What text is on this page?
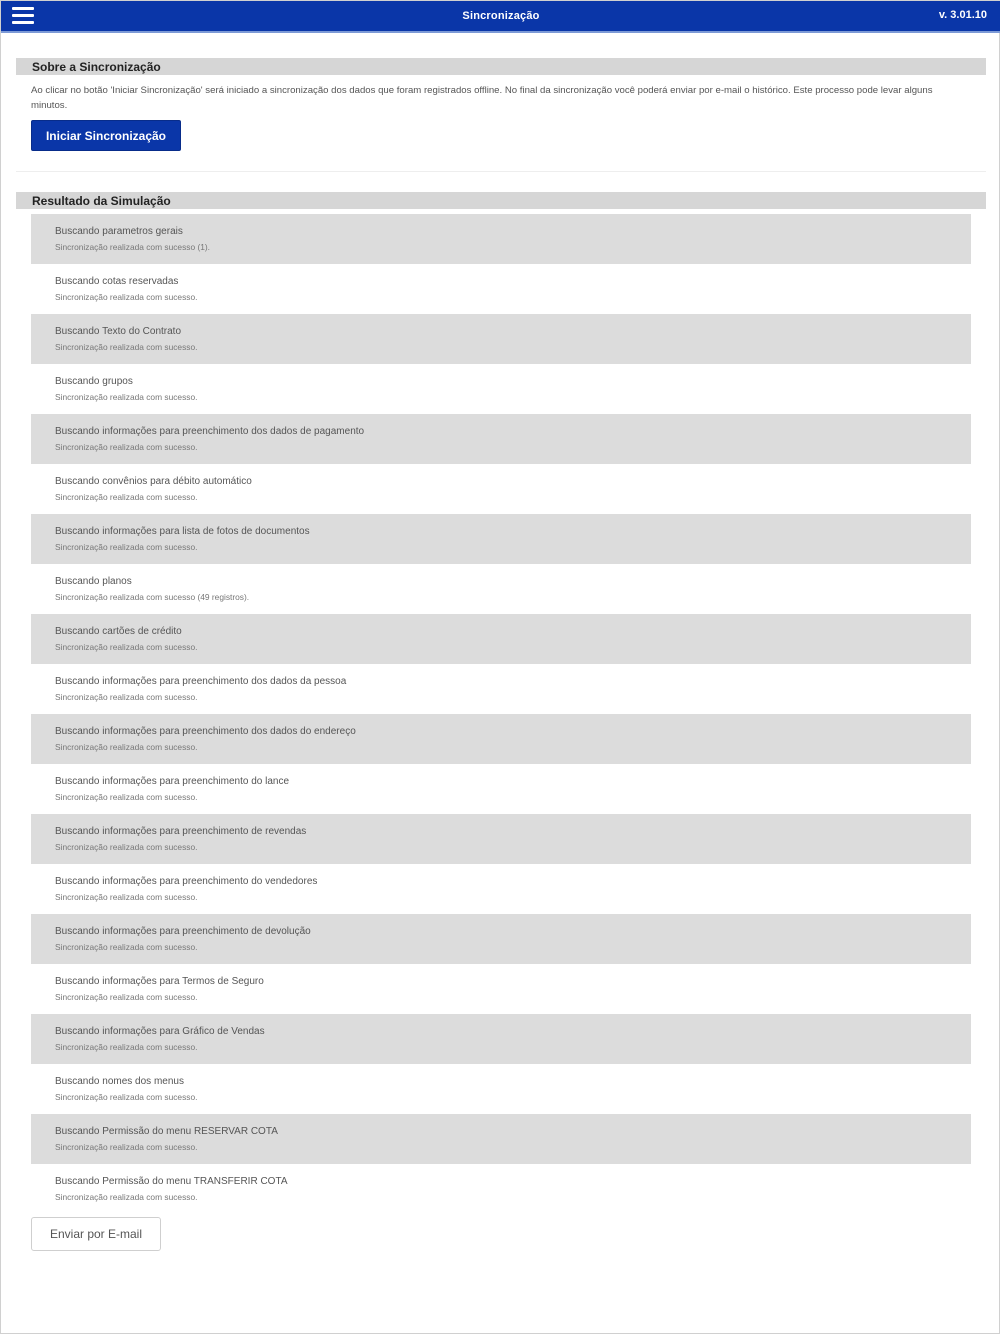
Sincronização	v. 3.01.10
Sobre a Sincronização

Ao clicar no botão 'Iniciar Sincronização' será iniciado a sincronização dos dados que foram registrados offline. No final da sincronização você poderá enviar por e-mail o histórico. Este processo pode levar alguns minutos.

Iniciar Sincronização
Resultado da Simulação
Buscando parametros gerais
Sincronização realizada com sucesso (1).
Buscando cotas reservadas
Sincronização realizada com sucesso.
Buscando Texto do Contrato
Sincronização realizada com sucesso.
Buscando grupos
Sincronização realizada com sucesso.
Buscando informações para preenchimento dos dados de pagamento
Sincronização realizada com sucesso.
Buscando convênios para débito automático
Sincronização realizada com sucesso.
Buscando informações para lista de fotos de documentos
Sincronização realizada com sucesso.
Buscando planos
Sincronização realizada com sucesso (49 registros).
Buscando cartões de crédito
Sincronização realizada com sucesso.
Buscando informações para preenchimento dos dados da pessoa
Sincronização realizada com sucesso.
Buscando informações para preenchimento dos dados do endereço
Sincronização realizada com sucesso.
Buscando informações para preenchimento do lance
Sincronização realizada com sucesso.
Buscando informações para preenchimento de revendas
Sincronização realizada com sucesso.
Buscando informações para preenchimento do vendedores
Sincronização realizada com sucesso.
Buscando informações para preenchimento de devolução
Sincronização realizada com sucesso.
Buscando informações para Termos de Seguro
Sincronização realizada com sucesso.
Buscando informações para Gráfico de Vendas
Sincronização realizada com sucesso.
Buscando nomes dos menus
Sincronização realizada com sucesso.
Buscando Permissão do menu RESERVAR COTA
Sincronização realizada com sucesso.
Buscando Permissão do menu TRANSFERIR COTA
Sincronização realizada com sucesso.
Enviar por E-mail
